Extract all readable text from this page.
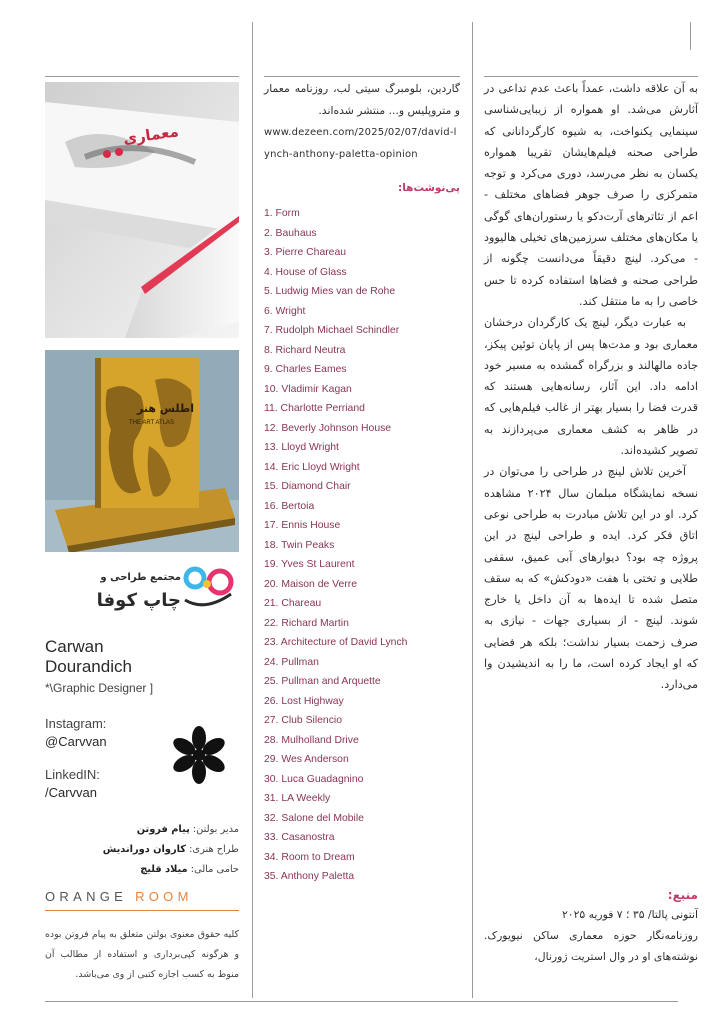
به آن علاقه داشت، عمداً باعث عدم تداعی در آثارش می‌شد. او همواره از زیبایی‌شناسی سینمایی یکنواخت، به شیوه کارگردانانی که طراحی صحنه فیلم‌هایشان تقریبا همواره یکسان به نظر می‌رسد، دوری می‌کرد و توجه متمرکزی را صرف جوهر فضاهای مختلف - اعم از تئاترهای آرت‌دکو یا رستوران‌های گوگی یا مکان‌های مختلف سرزمین‌های تخیلی هالیوود - می‌کرد. لینچ دقیقاً می‌دانست چگونه از طراحی صحنه و فضاها استفاده کرده تا حس خاصی را به ما منتقل کند.

به عبارت دیگر، لینچ یک کارگردان درخشان معماری بود و مدت‌ها پس از پایان توئین پیکز، جاده مالهالند و بزرگراه گمشده به مسیر خود ادامه داد. این آثار، رسانه‌هایی هستند که قدرت فضا را بسیار بهتر از غالب فیلم‌هایی که در ظاهر به کشف معماری می‌پردازند به تصویر کشیده‌اند.

آخرین تلاش لینچ در طراحی را می‌توان در نسخه نمایشگاه مبلمان سال ۲۰۲۴ مشاهده کرد. او در این تلاش مبادرت به طراحی نوعی اتاق فکر کرد. ایده و طراحی لینچ در این پروژه چه بود؟ دیوارهای آبی عمیق، سقفی طلایی و تختی با هفت «دودکش» که به سقف متصل شده تا ایده‌ها به آن داخل یا خارج شوند. لینچ - از بسیاری جهات - نیازی به صرف زحمت بسیار نداشت؛ بلکه هر فضایی که او ایجاد کرده است، ما را به اندیشیدن وا می‌دارد.

منبع:

آنتونی پالتا/ ۳۵ ؛ ۷ فوریه ۲۰۲۵

روزنامه‌نگار حوزه معماری ساکن نیویورک. نوشته‌های او در وال استریت ژورنال،

گاردین، بلومبرگ سیتی لب، روزنامه معمار و متروپلیس و... منتشر شده‌اند.
www.dezeen.com/2025/02/07/david-lynch-anthony-paletta-opinion
پی‌نوشت‌ها:
1. Form
2. Bauhaus
3. Pierre Chareau
4. House of Glass
5. Ludwig Mies van de Rohe
6. Wright
7. Rudolph Michael Schindler
8. Richard Neutra
9. Charles Eames
10. Vladimir Kagan
11. Charlotte Perriand
12. Beverly Johnson House
13. Lloyd Wright
14. Eric Lloyd Wright
15. Diamond Chair
16. Bertoia
17. Ennis House
18. Twin Peaks
19. Yves St Laurent
20. Maison de Verre
21. Chareau
22. Richard Martin
23. Architecture of David Lynch
24. Pullman
25. Pullman and Arquette
26. Lost Highway
27. Club Silencio
28. Mulholland Drive
29. Wes Anderson
30. Luca Guadagnino
31. LA Weekly
32. Salone del Mobile
33. Casanostra
34. Room to Dream
35. Anthony Paletta
معماری
اطلس هنر
THE ART ATLAS
مجتمع طراحی و
چاپ کوفا
Carwan
Dourandich
*\Graphic Designer ]
Instagram:
@Carvvan
LinkedIN:
/Carvvan
مدیر بولتن: پیام فروتن
طراح هنری: کاروان دوراندیش
حامی مالی: میلاد قلیچ
ORANGE ROOM
کلیه حقوق معنوی بولتن متعلق به پیام فروتن بوده و هرگونه کپی‌برداری و استفاده از مطالب آن منوط به کسب اجازه کتبی از وی می‌باشد.
